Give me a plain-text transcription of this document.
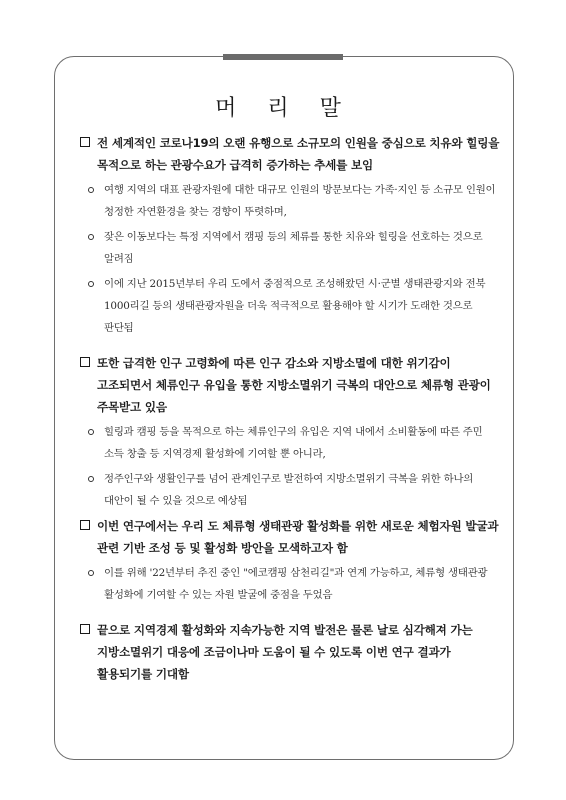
머 리 말
전 세계적인 코로나19의 오랜 유행으로 소규모의 인원을 중심으로 치유와 힐링을 목적으로 하는 관광수요가 급격히 증가하는 추세를 보임
여행 지역의 대표 관광자원에 대한 대규모 인원의 방문보다는 가족·지인 등 소규모 인원이 청정한 자연환경을 찾는 경향이 뚜렷하며,
잦은 이동보다는 특정 지역에서 캠핑 등의 체류를 통한 치유와 힐링을 선호하는 것으로 알려짐
이에 지난 2015년부터 우리 도에서 중점적으로 조성해왔던 시·군별 생태관광지와 전북 1000리길 등의 생태관광자원을 더욱 적극적으로 활용해야 할 시기가 도래한 것으로 판단됨
또한 급격한 인구 고령화에 따른 인구 감소와 지방소멸에 대한 위기감이 고조되면서 체류인구 유입을 통한 지방소멸위기 극복의 대안으로 체류형 관광이 주목받고 있음
힐링과 캠핑 등을 목적으로 하는 체류인구의 유입은 지역 내에서 소비활동에 따른 주민 소득 창출 등 지역경제 활성화에 기여할 뿐 아니라,
정주인구와 생활인구를 넘어 관계인구로 발전하여 지방소멸위기 극복을 위한 하나의 대안이 될 수 있을 것으로 예상됨
이번 연구에서는 우리 도 체류형 생태관광 활성화를 위한 새로운 체험자원 발굴과 관련 기반 조성 등 및 활성화 방안을 모색하고자 함
이를 위해 '22년부터 추진 중인 "에코캠핑 삼천리길"과 연계 가능하고, 체류형 생태관광 활성화에 기여할 수 있는 자원 발굴에 중점을 두었음
끝으로 지역경제 활성화와 지속가능한 지역 발전은 물론 날로 심각해져 가는 지방소멸위기 대응에 조금이나마 도움이 될 수 있도록 이번 연구 결과가 활용되기를 기대함
